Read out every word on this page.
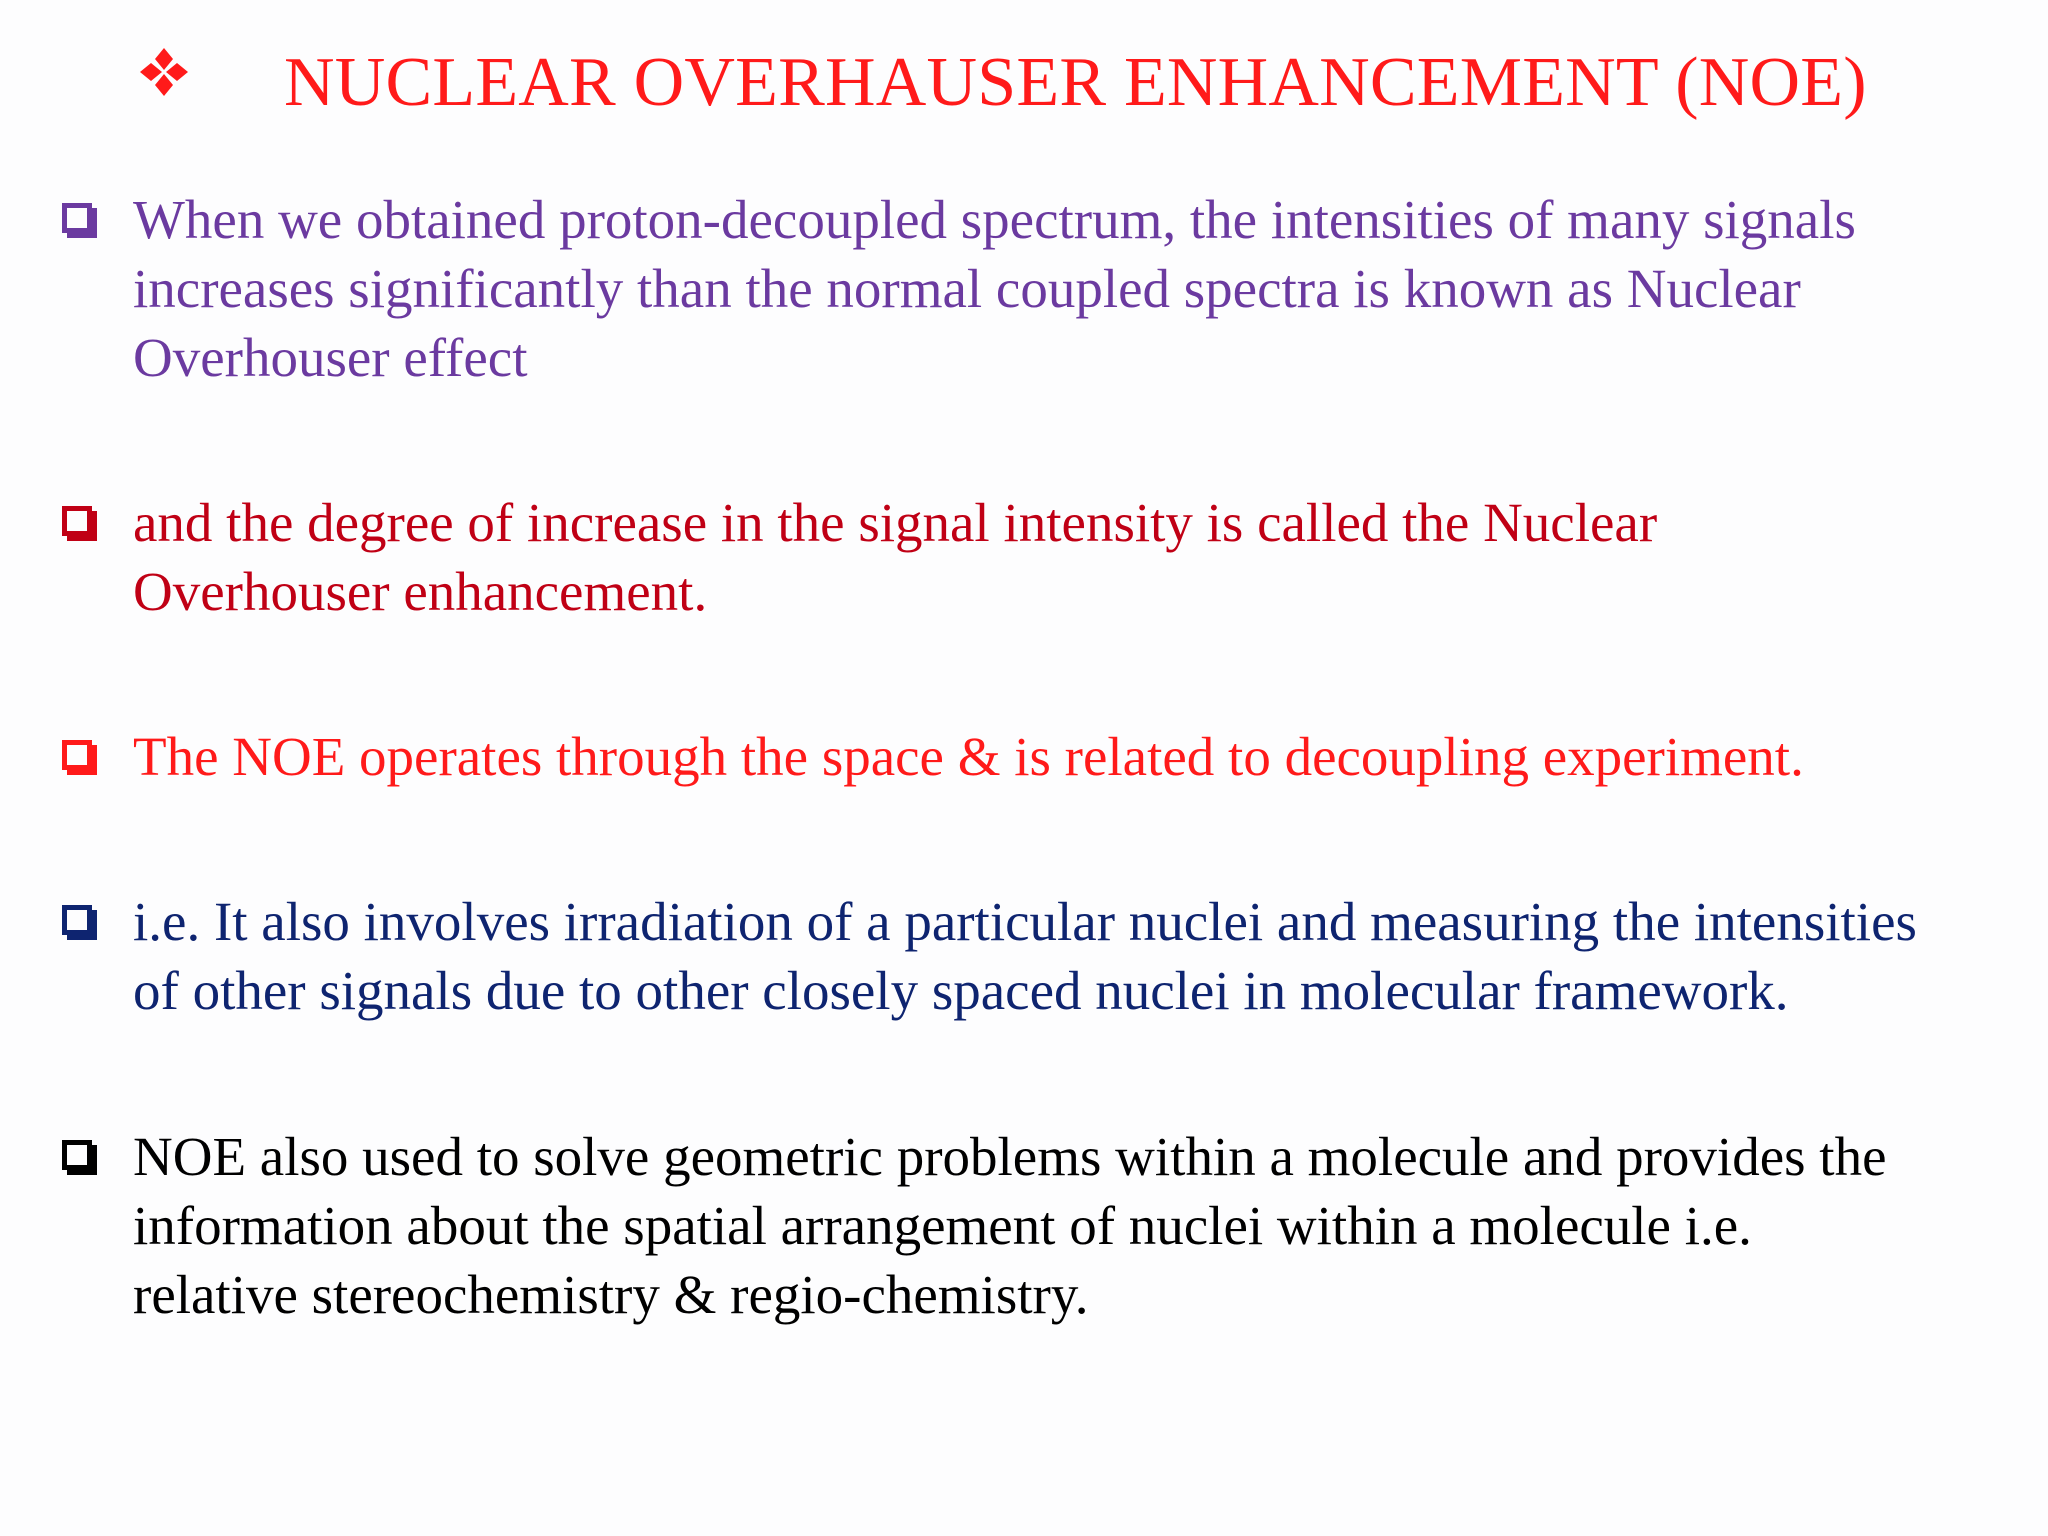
NUCLEAR OVERHAUSER ENHANCEMENT (NOE)
When we obtained proton-decoupled spectrum, the intensities of many signals
increases significantly than the normal coupled spectra is known as Nuclear
Overhouser effect
and the degree of increase in the signal intensity is called the Nuclear
Overhouser enhancement.
The NOE operates through the space & is related to decoupling experiment.
i.e. It also involves irradiation of a particular nuclei and measuring the intensities
of other signals due to other closely spaced nuclei in molecular framework.
NOE also used to solve geometric problems within a molecule and provides the
information about the spatial arrangement of nuclei within a molecule i.e.
relative stereochemistry & regio-chemistry.
